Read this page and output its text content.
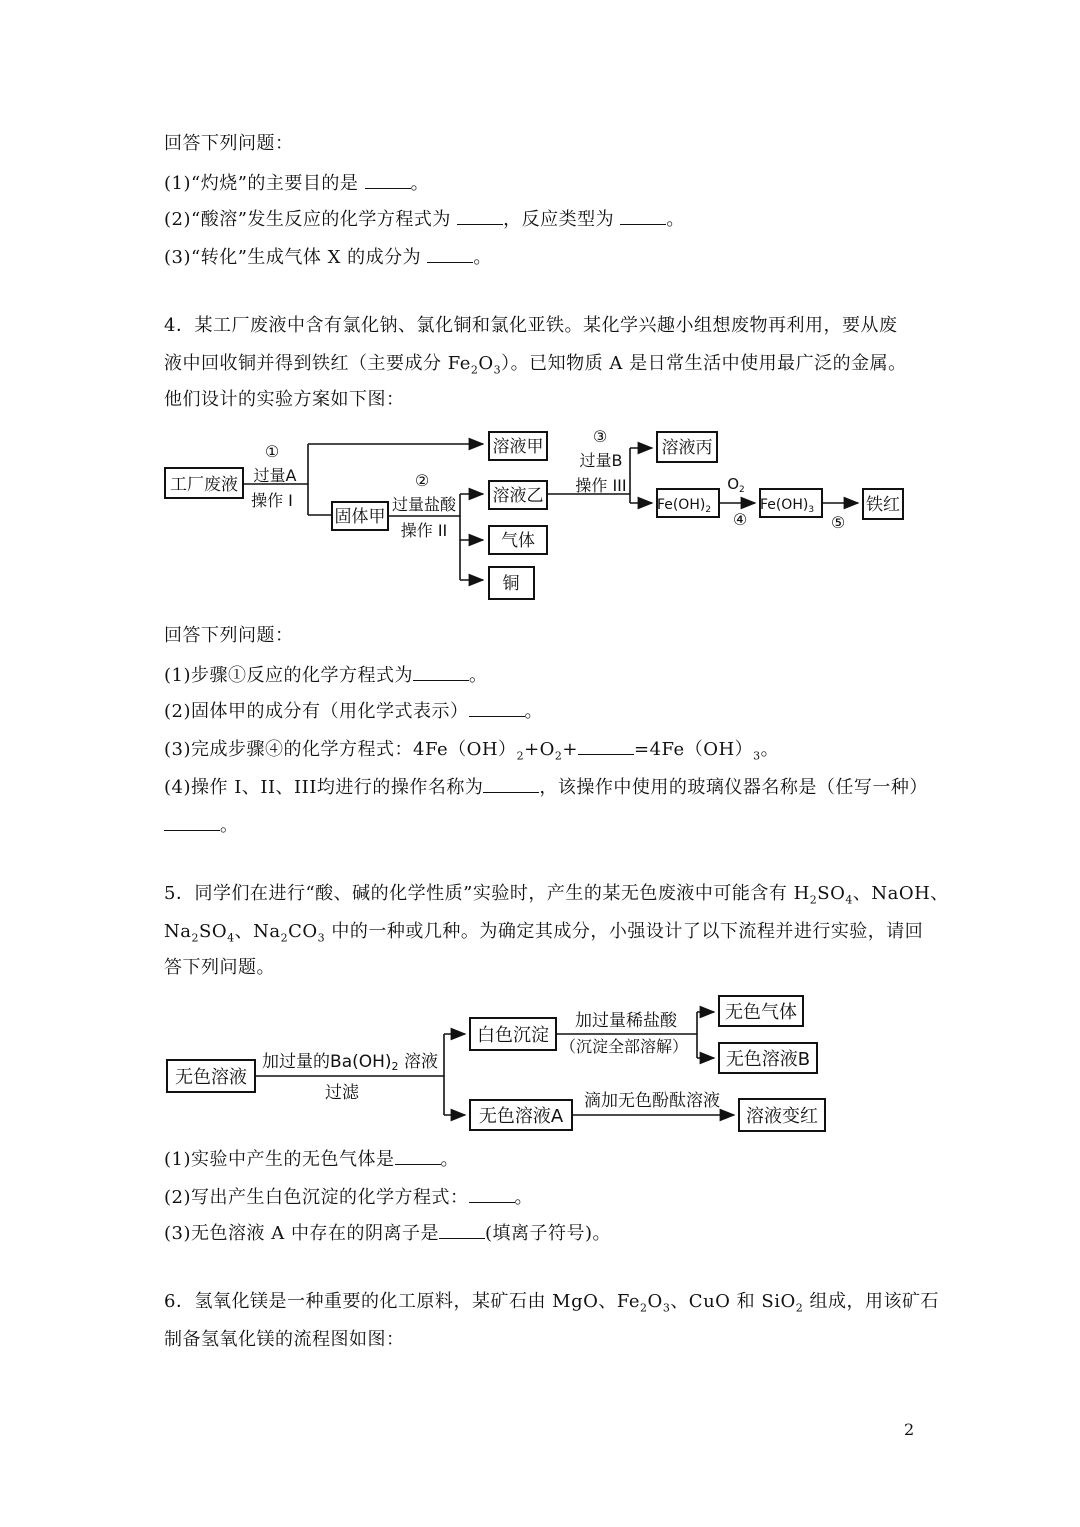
回答下列问题：
(1)“灼烧”的主要目的是	。
(2)“酸溶”发生反应的化学方程式为	，反应类型为	。
(3)“转化”生成气体 X 的成分为	。
4．某工厂废液中含有氯化钠、氯化铜和氯化亚铁。某化学兴趣小组想废物再利用，要从废
液中回收铜并得到铁红（主要成分 $Fe_2O_3$）。已知物质 A 是日常生活中使用最广泛的金属。
他们设计的实验方案如下图：
工厂废液
①
过量A
操作 I
溶液甲
固体甲
②
过量盐酸
操作 II
溶液乙
气体
铜
③
过量B
操作 III
溶液丙
$Fe(OH)_2$
$O_2$
④
$Fe(OH)_3$
⑤
铁红
回答下列问题：
(1)步骤①反应的化学方程式为	。
(2)固体甲的成分有（用化学式表示）	。
(3)完成步骤④的化学方程式：$4Fe(OH)_2+O_2+$	$=4Fe(OH)_3$。
(4)操作 I、II、III均进行的操作名称为	，该操作中使用的玻璃仪器名称是（任写一种）
。
5．同学们在进行“酸、碱的化学性质”实验时，产生的某无色废液中可能含有 $H_2SO_4$、NaOH、
$Na_2SO_4$、$Na_2CO_3$ 中的一种或几种。为确定其成分，小强设计了以下流程并进行实验，请回
答下列问题。
无色溶液
加过量的Ba(OH)2 溶液
过滤
白色沉淀
加过量稀盐酸
（沉淀全部溶解）
无色气体
无色溶液B
无色溶液A
滴加无色酚酞溶液
溶液变红
(1)实验中产生的无色气体是	。
(2)写出产生白色沉淀的化学方程式：	。
(3)无色溶液 A 中存在的阴离子是	(填离子符号)。
6．氢氧化镁是一种重要的化工原料，某矿石由 MgO、$Fe_2O_3$、CuO 和 SiO$_2$ 组成，用该矿石
制备氢氧化镁的流程图如图：
2
